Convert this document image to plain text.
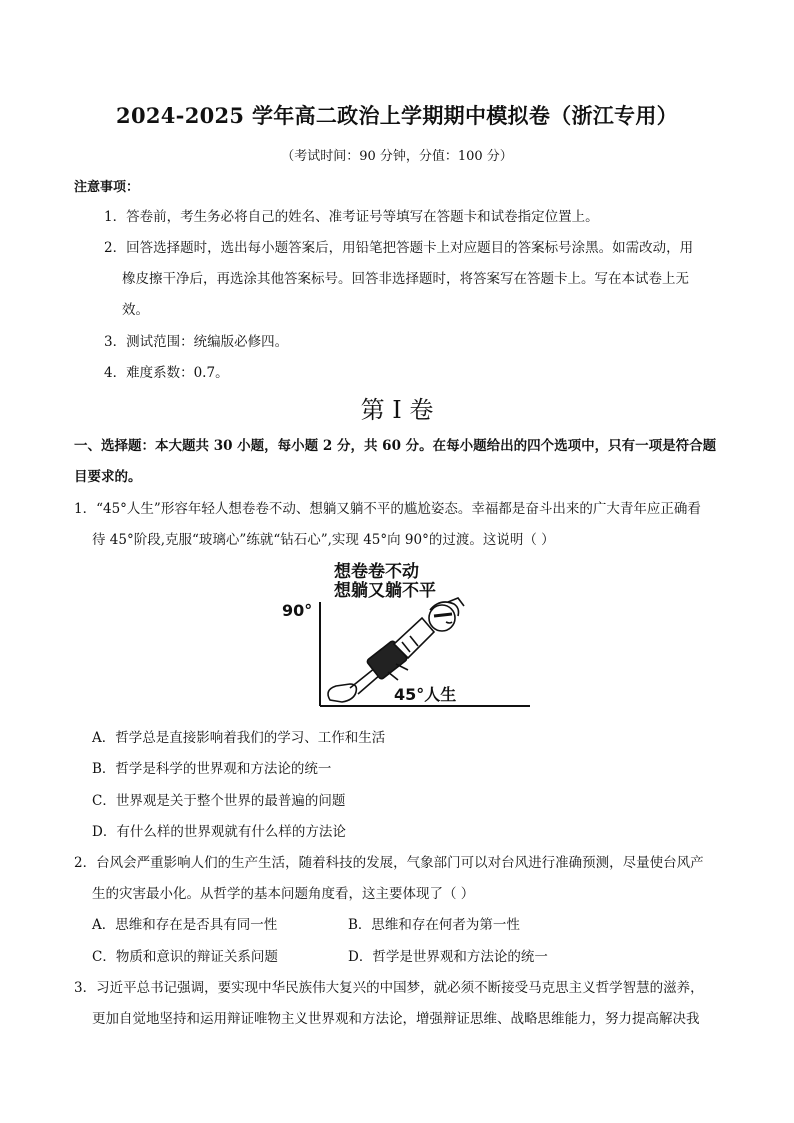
2024-2025 学年高二政治上学期期中模拟卷（浙江专用）
（考试时间：90 分钟，分值：100 分）
注意事项：
1．答卷前，考生务必将自己的姓名、准考证号等填写在答题卡和试卷指定位置上。
2．回答选择题时，选出每小题答案后，用铅笔把答题卡上对应题目的答案标号涂黑。如需改动，用
橡皮擦干净后，再选涂其他答案标号。回答非选择题时，将答案写在答题卡上。写在本试卷上无
效。
3．测试范围：统编版必修四。
4．难度系数：0.7。
第 I 卷
一、选择题：本大题共 30 小题，每小题 2 分，共 60 分。在每小题给出的四个选项中，只有一项是符合题
目要求的。
1．“45°人生”形容年轻人想卷卷不动、想躺又躺不平的尴尬姿态。幸福都是奋斗出来的广大青年应正确看
待 45°阶段,克服“玻璃心”练就“钻石心”,实现 45°向 90°的过渡。这说明（ ）
想卷卷不动
想躺又躺不平
90°
45°人生
A．哲学总是直接影响着我们的学习、工作和生活
B．哲学是科学的世界观和方法论的统一
C．世界观是关于整个世界的最普遍的问题
D．有什么样的世界观就有什么样的方法论
2．台风会严重影响人们的生产生活，随着科技的发展，气象部门可以对台风进行准确预测，尽量使台风产
生的灾害最小化。从哲学的基本问题角度看，这主要体现了（ ）
A．思维和存在是否具有同一性	B．思维和存在何者为第一性
C．物质和意识的辩证关系问题	D．哲学是世界观和方法论的统一
3．习近平总书记强调，要实现中华民族伟大复兴的中国梦，就必须不断接受马克思主义哲学智慧的滋养，
更加自觉地坚持和运用辩证唯物主义世界观和方法论，增强辩证思维、战略思维能力，努力提高解决我
